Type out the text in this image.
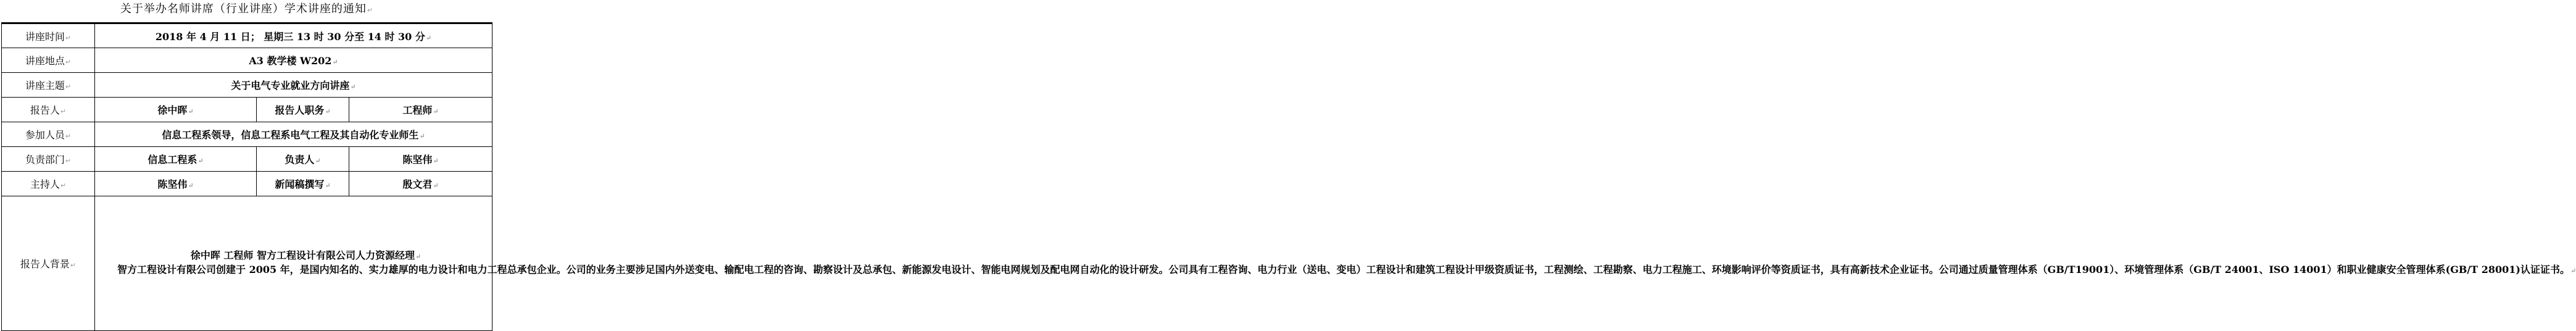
关于举办名师讲席（行业讲座）学术讲座的通知↵
讲座时间↵	2018 年 4 月 11 日； 星期三 13 时 30 分至 14 时 30 分↵		
讲座地点↵	A3 教学楼 W202↵		
讲座主题↵	关于电气专业就业方向讲座↵		
报告人↵	徐中晖↵	报告人职务↵	工程师↵
参加人员↵	信息工程系领导，信息工程系电气工程及其自动化专业师生↵		
负责部门↵	信息工程系↵	负责人↵	陈坚伟↵
主持人↵	陈坚伟↵	新闻稿撰写↵	殷文君↵
报告人背景↵	徐中晖 工程师 智方工程设计有限公司人力资源经理↵
智方工程设计有限公司创建于 2005 年，是国内知名的、实力雄厚的电力设计和电力工程总承包企业。公司的业务主要涉足国内外送变电、输配电工程的咨询、勘察设计及总承包、新能源发电设计、智能电网规划及配电网自动化的设计研发。公司具有工程咨询、电力行业（送电、变电）工程设计和建筑工程设计甲级资质证书，工程测绘、工程勘察、电力工程施工、环境影响评价等资质证书，具有高新技术企业证书。公司通过质量管理体系（GB/T19001）、环境管理体系（GB/T 24001、ISO 14001）和职业健康安全管理体系(GB/T 28001)认证证书。↵		
